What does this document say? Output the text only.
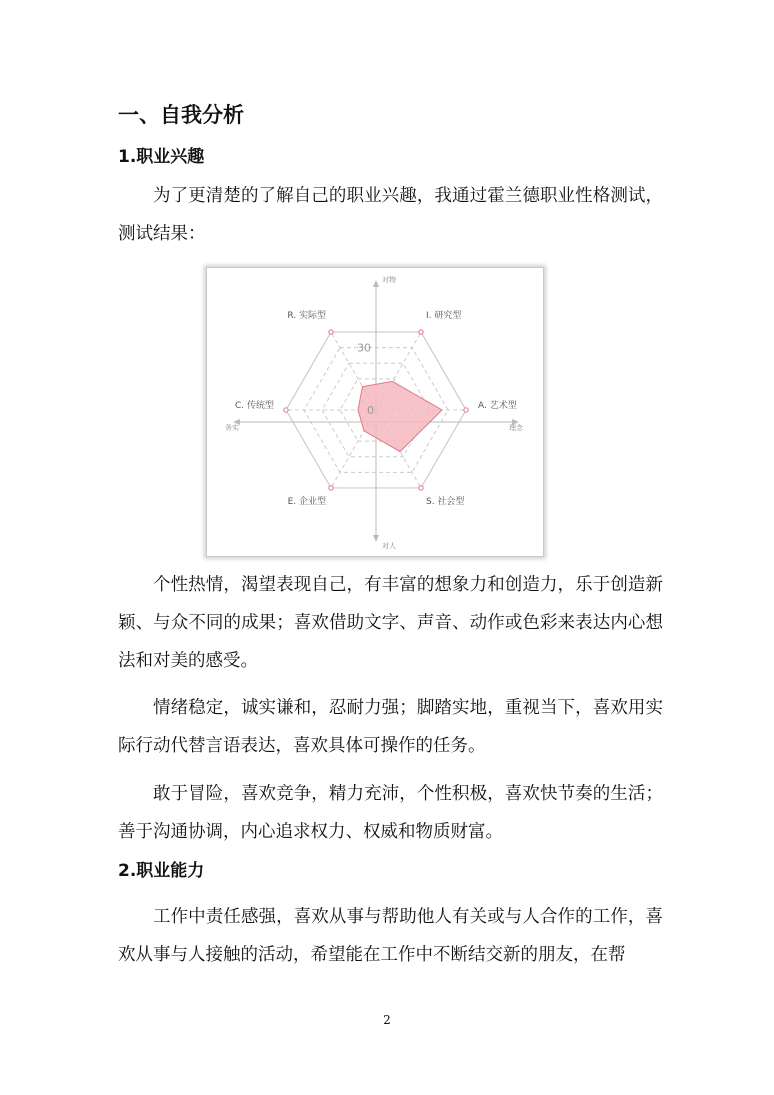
一、自我分析
1.职业兴趣

为了更清楚的了解自己的职业兴趣，我通过霍兰德职业性格测试，测试结果：

R. 实际型	I. 研究型
A. 艺术型
S. 社会型
E. 企业型
C. 传统型
30
0
对物
对人
务实	理念

个性热情，渴望表现自己，有丰富的想象力和创造力，乐于创造新颖、与众不同的成果；喜欢借助文字、声音、动作或色彩来表达内心想法和对美的感受。

情绪稳定，诚实谦和，忍耐力强；脚踏实地，重视当下，喜欢用实际行动代替言语表达，喜欢具体可操作的任务。

敢于冒险，喜欢竞争，精力充沛，个性积极，喜欢快节奏的生活；善于沟通协调，内心追求权力、权威和物质财富。

2.职业能力

工作中责任感强，喜欢从事与帮助他人有关或与人合作的工作，喜欢从事与人接触的活动，希望能在工作中不断结交新的朋友，在帮

2
